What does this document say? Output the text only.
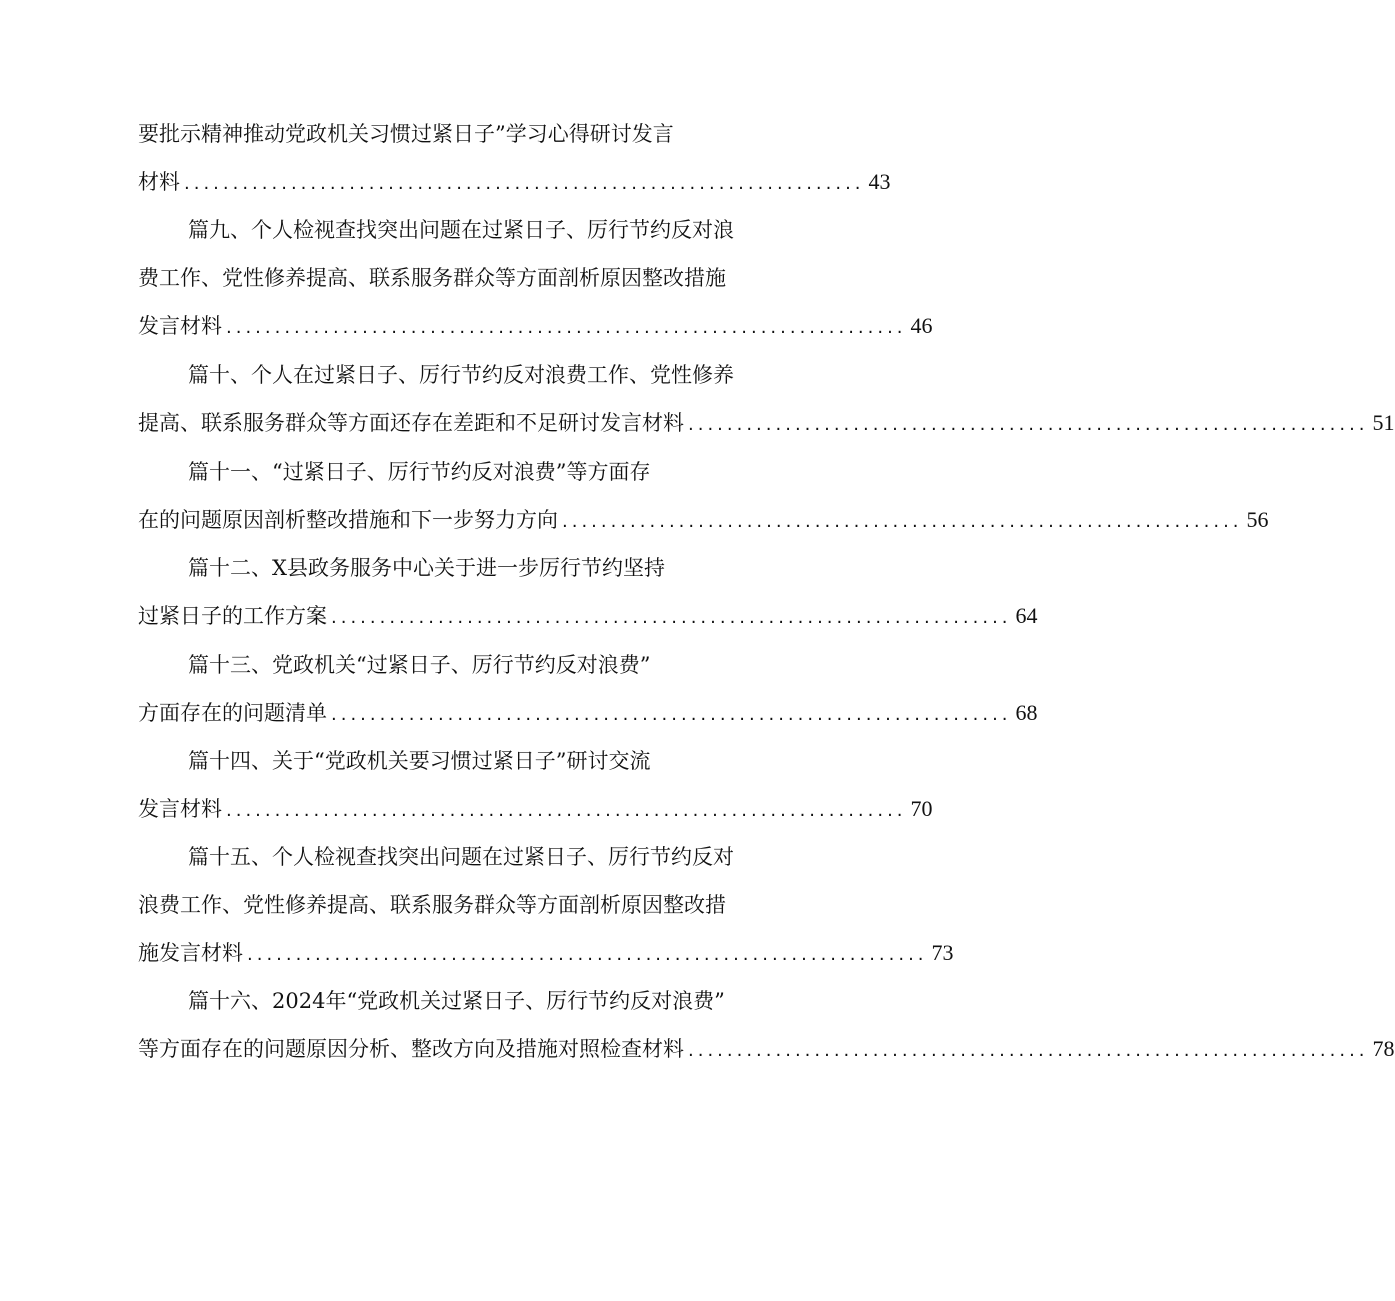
要批示精神推动党政机关习惯过紧日子”学习心得研讨发言
材料 ...................................................................... 43
篇九、个人检视查找突出问题在过紧日子、厉行节约反对浪
费工作、党性修养提高、联系服务群众等方面剖析原因整改措施
发言材料 ...................................................................... 46
篇十、个人在过紧日子、厉行节约反对浪费工作、党性修养
提高、联系服务群众等方面还存在差距和不足研讨发言材料 ...................................................................... 51
篇十一、“过紧日子、厉行节约反对浪费”等方面存
在的问题原因剖析整改措施和下一步努力方向 ...................................................................... 56
篇十二、X县政务服务中心关于进一步厉行节约坚持
过紧日子的工作方案 ...................................................................... 64
篇十三、党政机关“过紧日子、厉行节约反对浪费”
方面存在的问题清单 ...................................................................... 68
篇十四、关于“党政机关要习惯过紧日子”研讨交流
发言材料 ...................................................................... 70
篇十五、个人检视查找突出问题在过紧日子、厉行节约反对
浪费工作、党性修养提高、联系服务群众等方面剖析原因整改措
施发言材料 ...................................................................... 73
篇十六、2024年“党政机关过紧日子、厉行节约反对浪费”
等方面存在的问题原因分析、整改方向及措施对照检查材料 ...................................................................... 78
